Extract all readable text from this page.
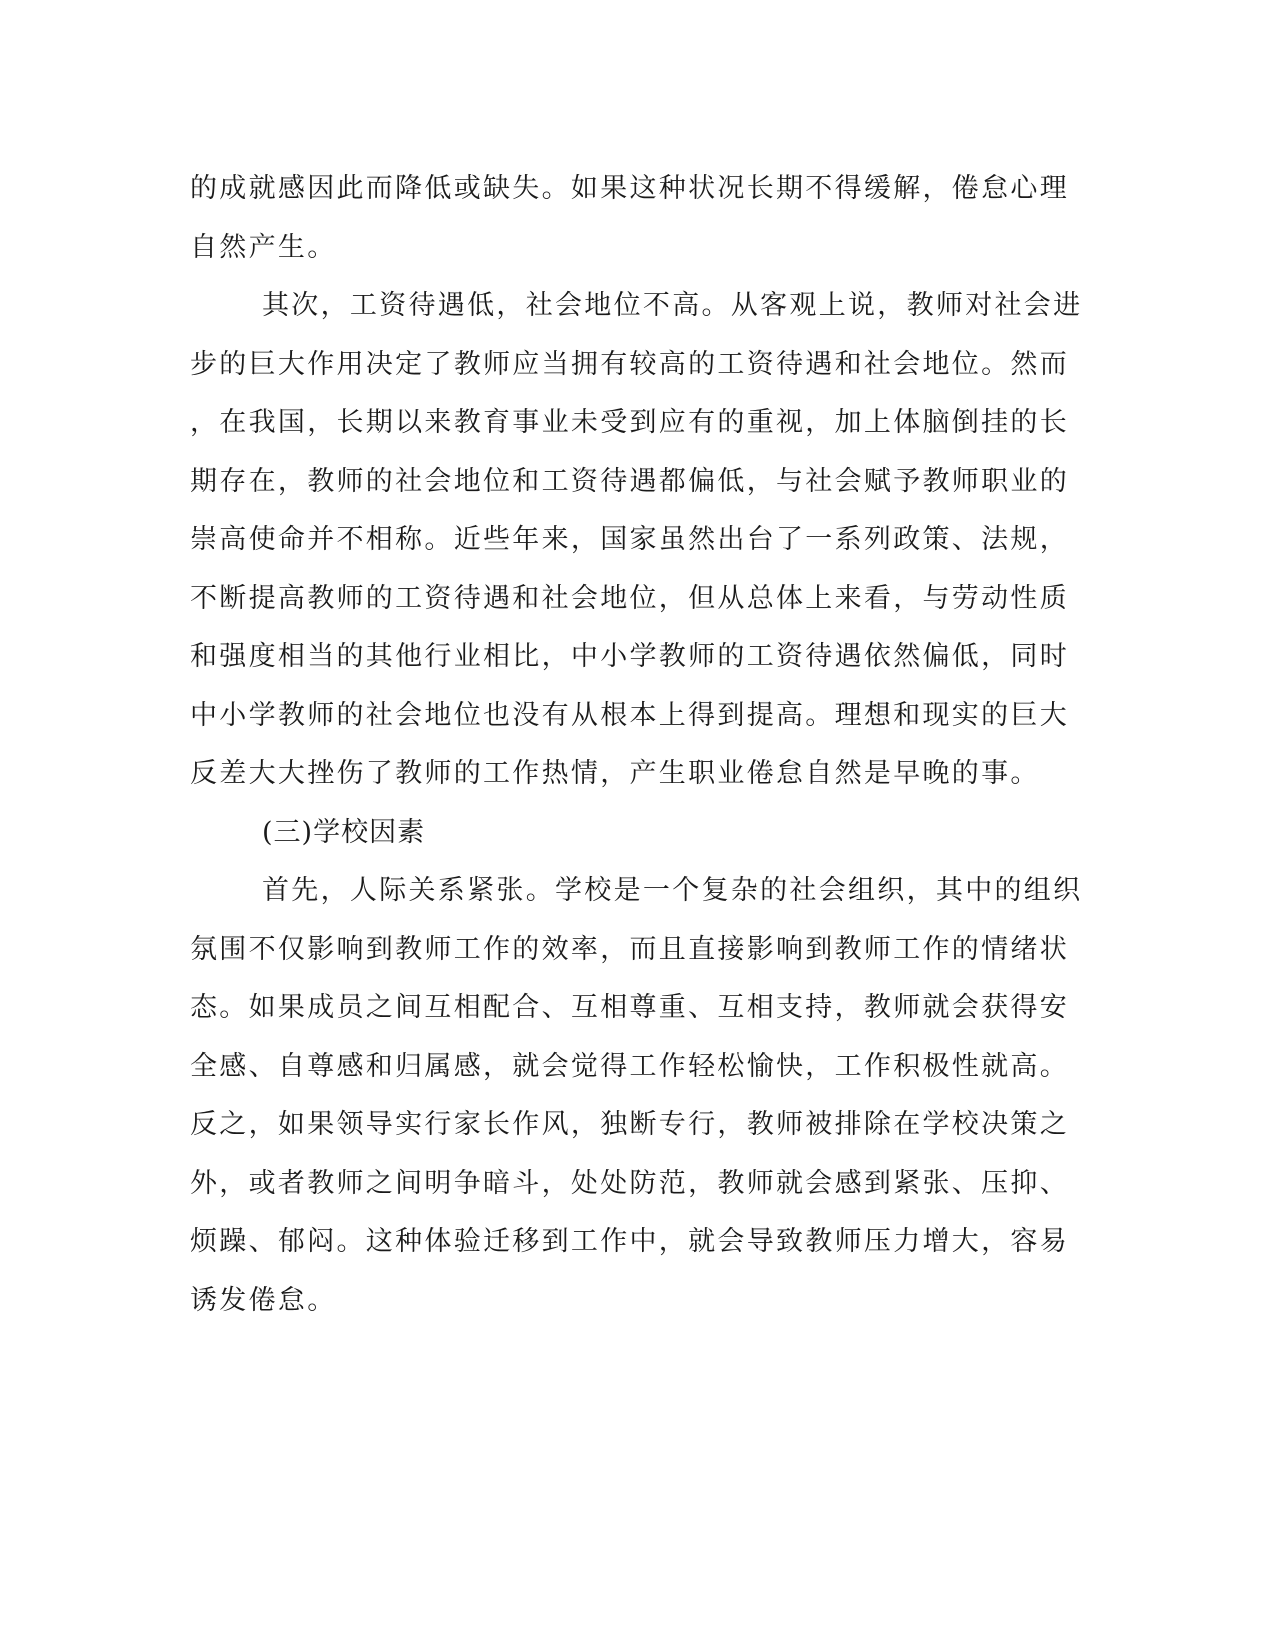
的成就感因此而降低或缺失。如果这种状况长期不得缓解，倦怠心理
自然产生。
其次，工资待遇低，社会地位不高。从客观上说，教师对社会进
步的巨大作用决定了教师应当拥有较高的工资待遇和社会地位。然而
，在我国，长期以来教育事业未受到应有的重视，加上体脑倒挂的长
期存在，教师的社会地位和工资待遇都偏低，与社会赋予教师职业的
崇高使命并不相称。近些年来，国家虽然出台了一系列政策、法规，
不断提高教师的工资待遇和社会地位，但从总体上来看，与劳动性质
和强度相当的其他行业相比，中小学教师的工资待遇依然偏低，同时
中小学教师的社会地位也没有从根本上得到提高。理想和现实的巨大
反差大大挫伤了教师的工作热情，产生职业倦怠自然是早晚的事。
(三)学校因素
首先，人际关系紧张。学校是一个复杂的社会组织，其中的组织
氛围不仅影响到教师工作的效率，而且直接影响到教师工作的情绪状
态。如果成员之间互相配合、互相尊重、互相支持，教师就会获得安
全感、自尊感和归属感，就会觉得工作轻松愉快，工作积极性就高。
反之，如果领导实行家长作风，独断专行，教师被排除在学校决策之
外，或者教师之间明争暗斗，处处防范，教师就会感到紧张、压抑、
烦躁、郁闷。这种体验迁移到工作中，就会导致教师压力增大，容易
诱发倦怠。
